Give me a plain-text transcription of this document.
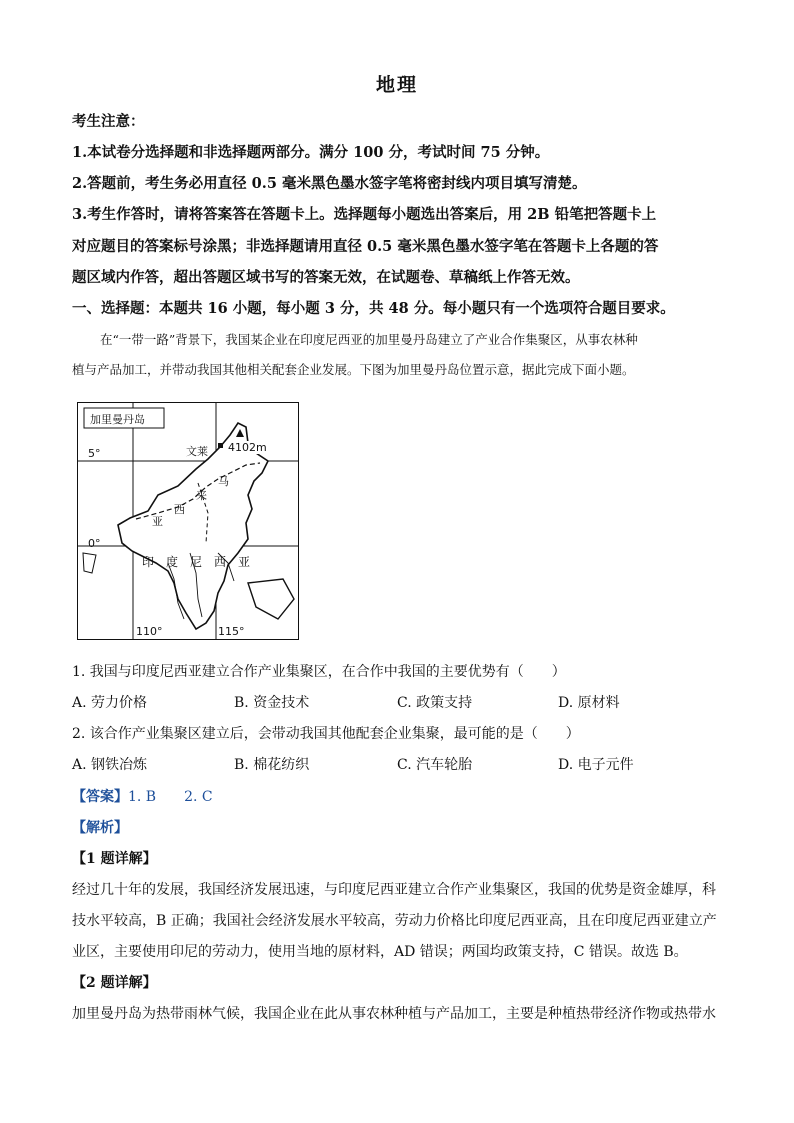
地理
考生注意：
1.本试卷分选择题和非选择题两部分。满分 100 分，考试时间 75 分钟。
2.答题前，考生务必用直径 0.5 毫米黑色墨水签字笔将密封线内项目填写清楚。
3.考生作答时，请将答案答在答题卡上。选择题每小题选出答案后，用 2B 铅笔把答题卡上
对应题目的答案标号涂黑；非选择题请用直径 0.5 毫米黑色墨水签字笔在答题卡上各题的答
题区域内作答，超出答题区域书写的答案无效，在试题卷、草稿纸上作答无效。
一、选择题：本题共 16 小题，每小题 3 分，共 48 分。每小题只有一个选项符合题目要求。
在“一带一路”背景下，我国某企业在印度尼西亚的加里曼丹岛建立了产业合作集聚区，从事农林种
植与产品加工，并带动我国其他相关配套企业发展。下图为加里曼丹岛位置示意，据此完成下面小题。
加里曼丹岛
文莱 4102m
5°
0°
110°	115°
马
来
西
亚
印　度　尼　西　亚
1. 我国与印度尼西亚建立合作产业集聚区，在合作中我国的主要优势有（　　）
A. 劳力价格	B. 资金技术	C. 政策支持	D. 原材料
2. 该合作产业集聚区建立后，会带动我国其他配套企业集聚，最可能的是（　　）
A. 钢铁冶炼	B. 棉花纺织	C. 汽车轮胎	D. 电子元件
【答案】1. B　　2. C
【解析】
【1 题详解】
经过几十年的发展，我国经济发展迅速，与印度尼西亚建立合作产业集聚区，我国的优势是资金雄厚，科
技水平较高，B 正确；我国社会经济发展水平较高，劳动力价格比印度尼西亚高，且在印度尼西亚建立产
业区，主要使用印尼的劳动力，使用当地的原材料，AD 错误；两国均政策支持，C 错误。故选 B。
【2 题详解】
加里曼丹岛为热带雨林气候，我国企业在此从事农林种植与产品加工，主要是种植热带经济作物或热带水
